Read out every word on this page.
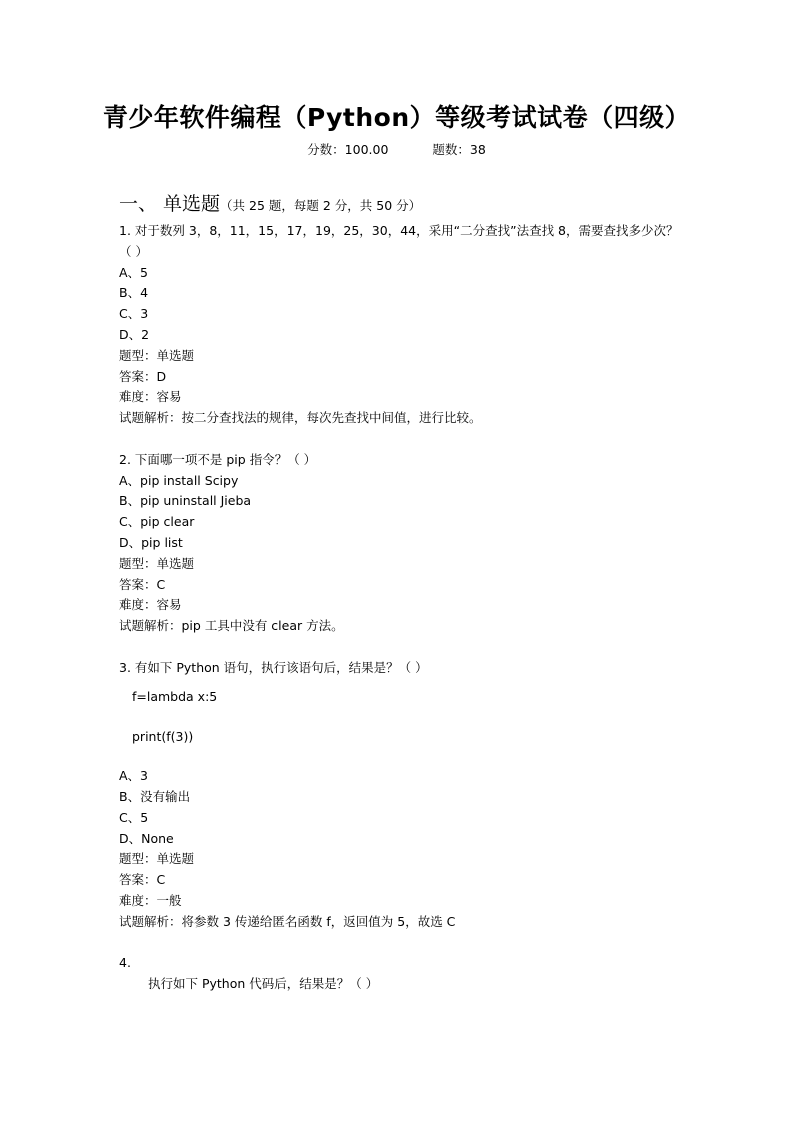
青少年软件编程（Python）等级考试试卷（四级）
分数：100.00	题数：38
一、 单选题（共 25 题，每题 2 分，共 50 分）

1. 对于数列 3，8，11，15，17，19，25，30，44，采用“二分查找”法查找 8，需要查找多少次？（ ）

A、5

B、4

C、3

D、2

题型：单选题

答案：D

难度：容易

试题解析：按二分查找法的规律，每次先查找中间值，进行比较。

2. 下面哪一项不是 pip 指令？（ ）

A、pip install Scipy

B、pip uninstall Jieba

C、pip clear

D、pip list

题型：单选题

答案：C

难度：容易

试题解析：pip 工具中没有 clear 方法。

3. 有如下 Python 语句，执行该语句后，结果是？（ ）

f=lambda x:5

print(f(3))

A、3

B、没有输出

C、5

D、None

题型：单选题

答案：C

难度：一般

试题解析：将参数 3 传递给匿名函数 f，返回值为 5，故选 C

4.

执行如下 Python 代码后，结果是？（ ）
